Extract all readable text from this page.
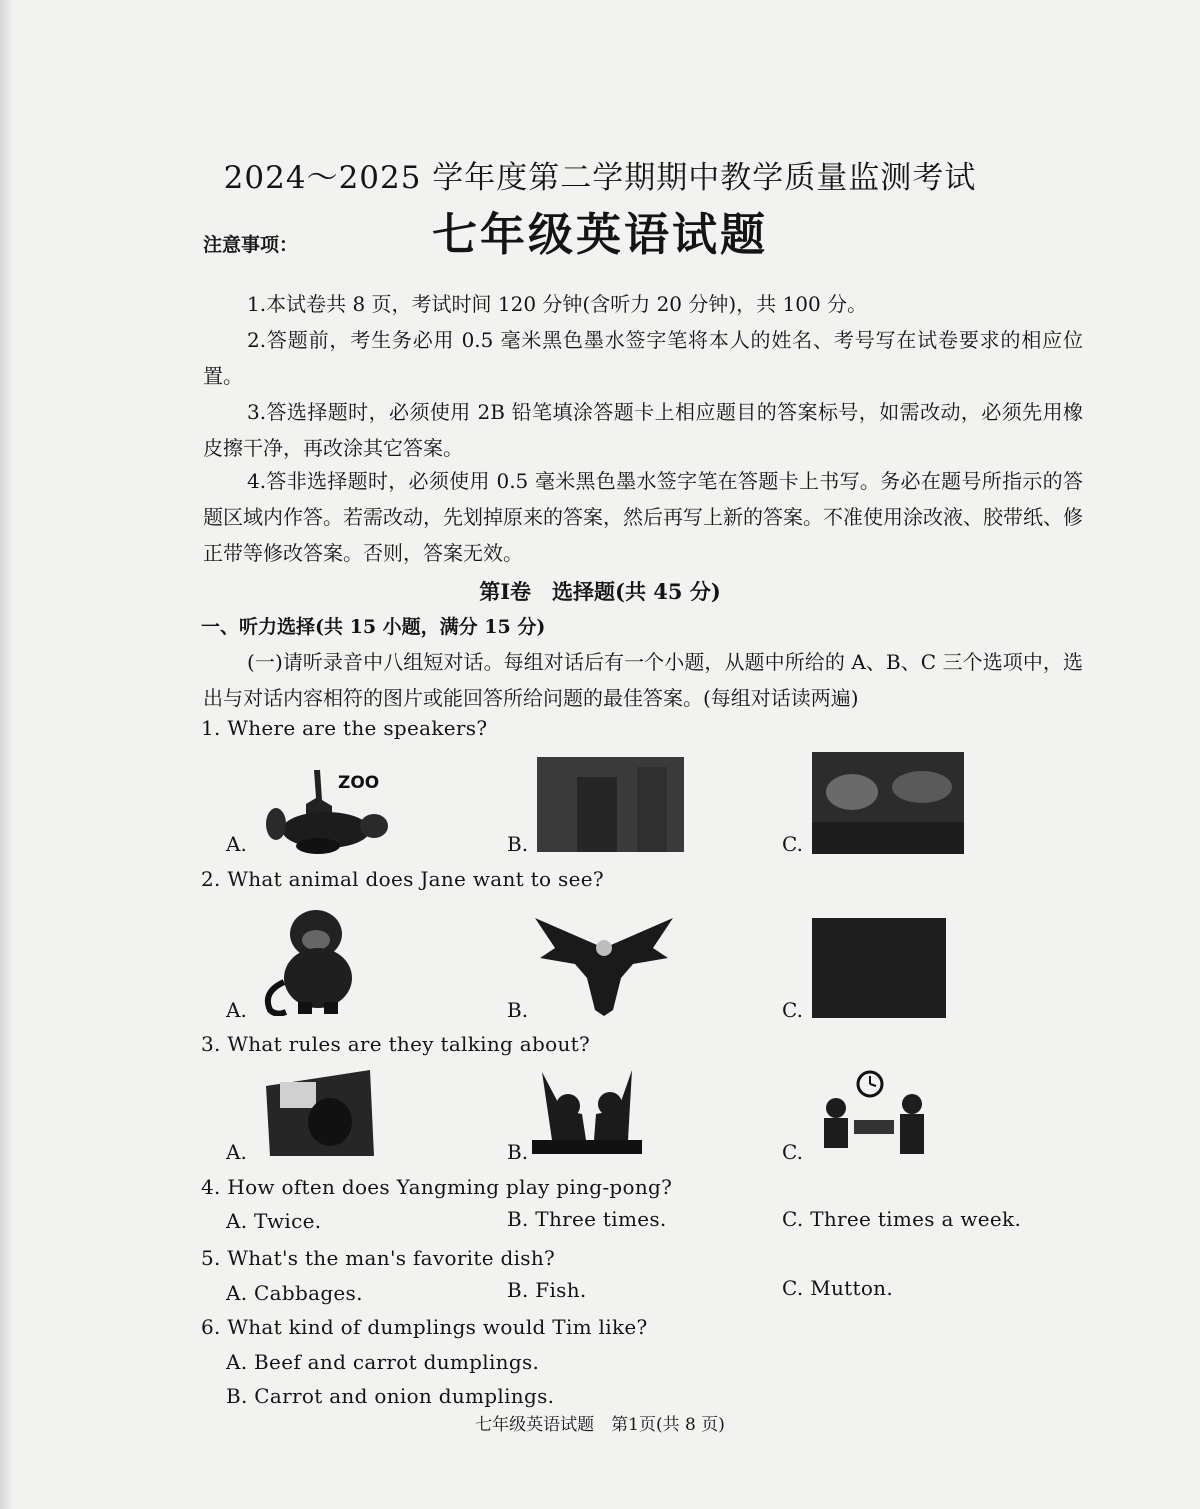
2024～2025 学年度第二学期期中教学质量监测考试
七年级英语试题
注意事项：
1.本试卷共 8 页，考试时间 120 分钟(含听力 20 分钟)，共 100 分。
2.答题前，考生务必用 0.5 毫米黑色墨水签字笔将本人的姓名、考号写在试卷要求的相应位置。
3.答选择题时，必须使用 2B 铅笔填涂答题卡上相应题目的答案标号，如需改动，必须先用橡皮擦干净，再改涂其它答案。
4.答非选择题时，必须使用 0.5 毫米黑色墨水签字笔在答题卡上书写。务必在题号所指示的答题区域内作答。若需改动，先划掉原来的答案，然后再写上新的答案。不准使用涂改液、胶带纸、修正带等修改答案。否则，答案无效。
第Ⅰ卷　选择题(共 45 分)
一、听力选择(共 15 小题，满分 15 分)
(一)请听录音中八组短对话。每组对话后有一个小题，从题中所给的 A、B、C 三个选项中，选出与对话内容相符的图片或能回答所给问题的最佳答案。(每组对话读两遍)
1. Where are the speakers?
A.
ZOO
B.	C.
2. What animal does Jane want to see?
A.	B.	C.
3. What rules are they talking about?
A.	B.	C.
4. How often does Yangming play ping-pong?
A. Twice.	B. Three times.	C. Three times a week.
5. What's the man's favorite dish?
A. Cabbages.	B. Fish.	C. Mutton.
6. What kind of dumplings would Tim like?
A. Beef and carrot dumplings.
B. Carrot and onion dumplings.
七年级英语试题　第1页(共 8 页)
